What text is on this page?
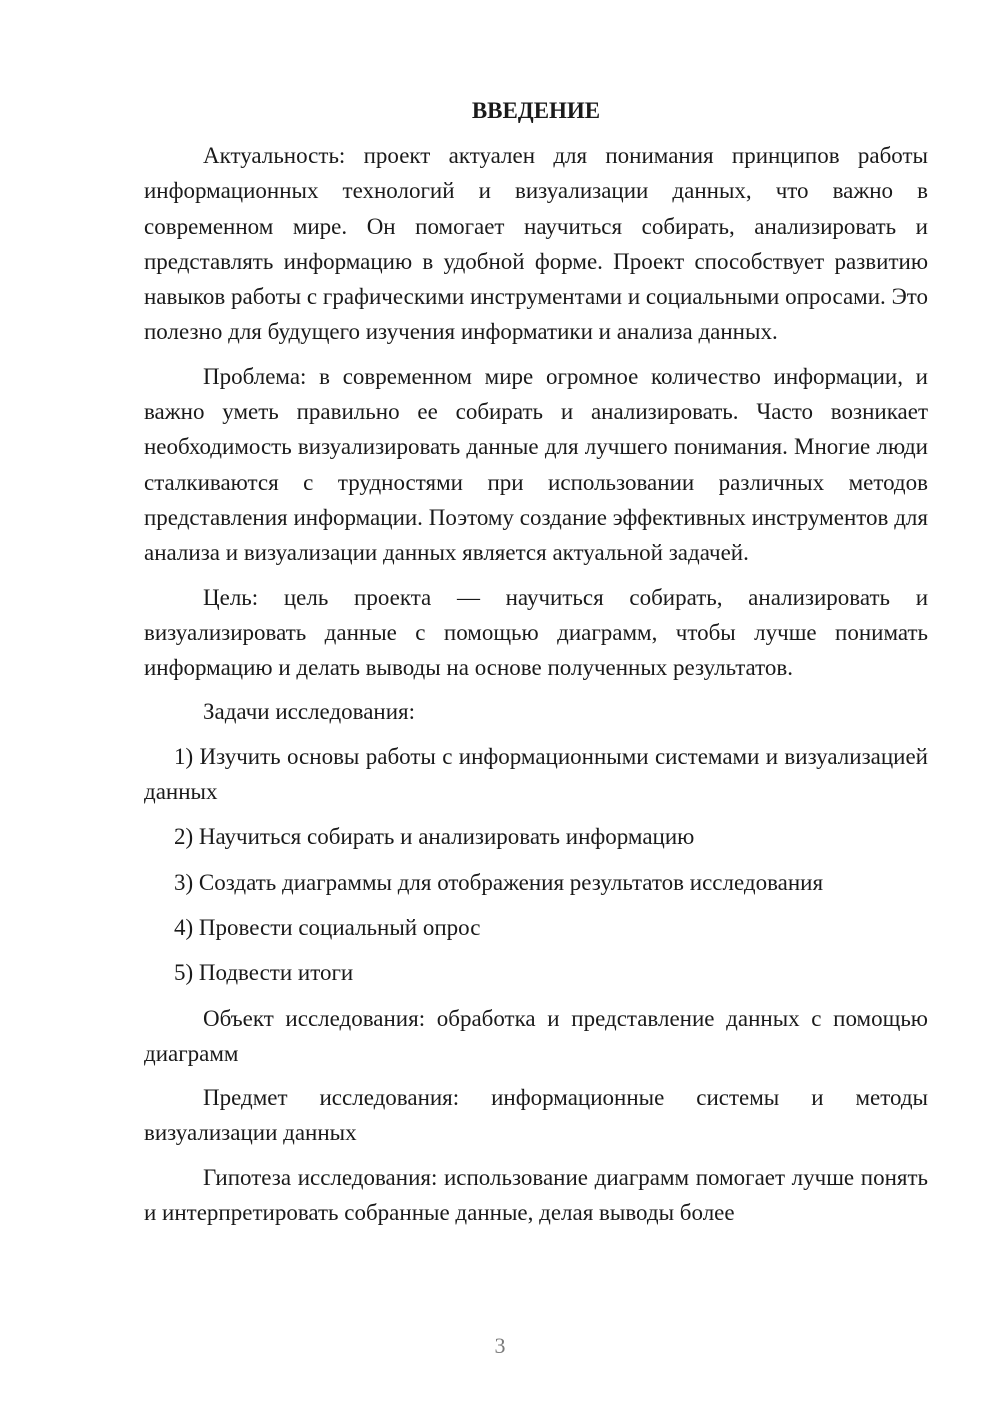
ВВЕДЕНИЕ

Актуальность: проект актуален для понимания принципов работы информационных технологий и визуализации данных, что важно в современном мире. Он помогает научиться собирать, анализировать и представлять информацию в удобной форме. Проект способствует развитию навыков работы с графическими инструментами и социальными опросами. Это полезно для будущего изучения информатики и анализа данных.

Проблема: в современном мире огромное количество информации, и важно уметь правильно ее собирать и анализировать. Часто возникает необходимость визуализировать данные для лучшего понимания. Многие люди сталкиваются с трудностями при использовании различных методов представления информации. Поэтому создание эффективных инструментов для анализа и визуализации данных является актуальной задачей.

Цель: цель проекта — научиться собирать, анализировать и визуализировать данные с помощью диаграмм, чтобы лучше понимать информацию и делать выводы на основе полученных результатов.

Задачи исследования:

1) Изучить основы работы с информационными системами и визуализацией данных

2) Научиться собирать и анализировать информацию

3) Создать диаграммы для отображения результатов исследования

4) Провести социальный опрос

5) Подвести итоги

Объект исследования: обработка и представление данных с помощью диаграмм

Предмет исследования: информационные системы и методы визуализации данных

Гипотеза исследования: использование диаграмм помогает лучше понять и интерпретировать собранные данные, делая выводы более

3
